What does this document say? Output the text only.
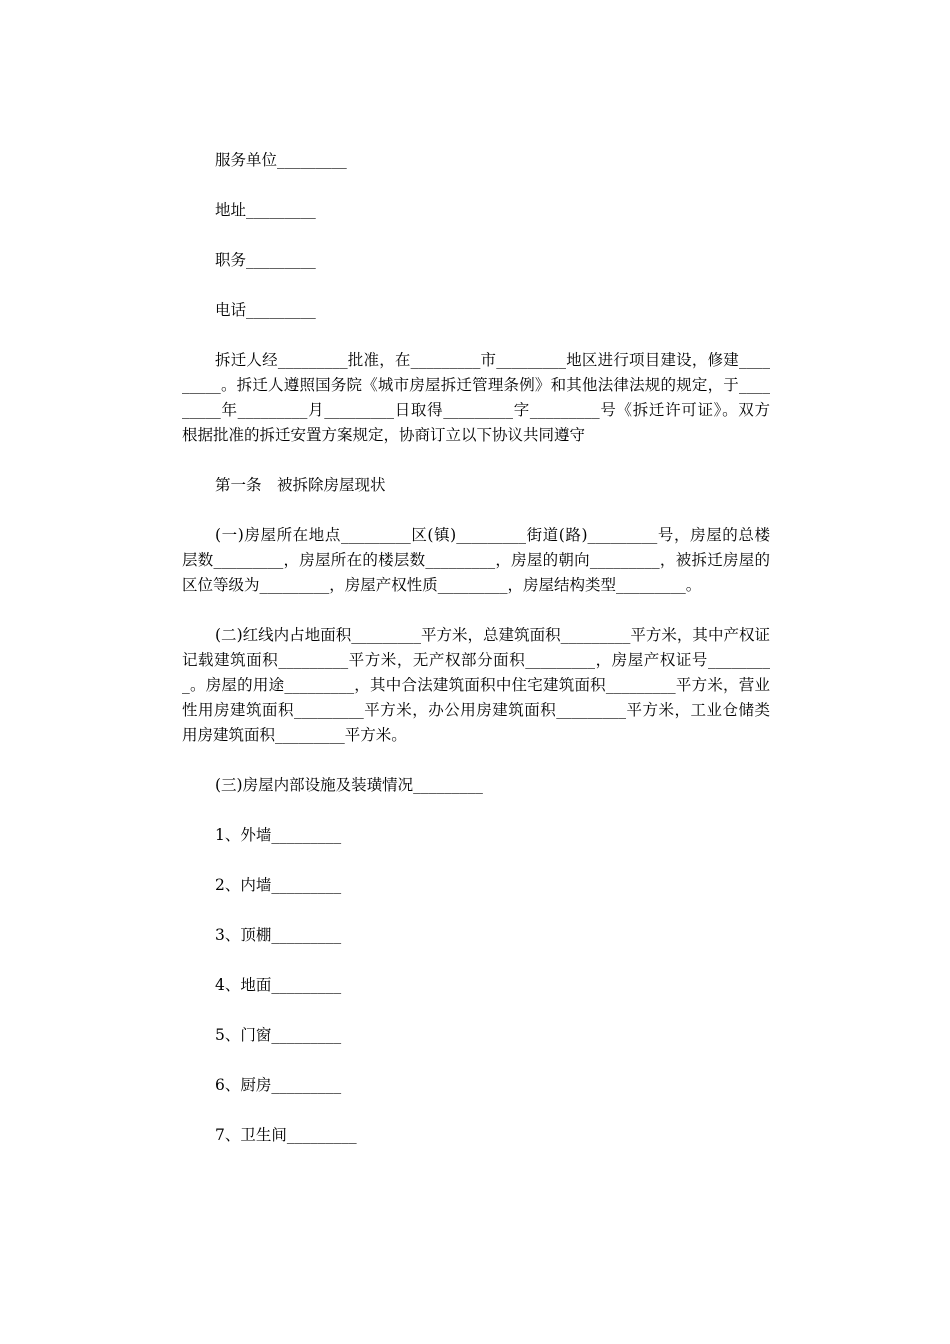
服务单位_________
地址_________
职务_________
电话_________
拆迁人经_________批准，在_________市_________地区进行项目建设，修建_________。拆迁人遵照国务院《城市房屋拆迁管理条例》和其他法律法规的规定，于_________年_________月_________日取得_________字_________号《拆迁许可证》。双方根据批准的拆迁安置方案规定，协商订立以下协议共同遵守
第一条　被拆除房屋现状
(一)房屋所在地点_________区(镇)_________街道(路)_________号，房屋的总楼层数_________，房屋所在的楼层数_________，房屋的朝向_________，被拆迁房屋的区位等级为_________，房屋产权性质_________，房屋结构类型_________。
(二)红线内占地面积_________平方米，总建筑面积_________平方米，其中产权证记载建筑面积_________平方米，无产权部分面积_________，房屋产权证号_________。房屋的用途_________，其中合法建筑面积中住宅建筑面积_________平方米，营业性用房建筑面积_________平方米，办公用房建筑面积_________平方米，工业仓储类用房建筑面积_________平方米。
(三)房屋内部设施及装璜情况_________
1、外墙_________
2、内墙_________
3、顶棚_________
4、地面_________
5、门窗_________
6、厨房_________
7、卫生间_________
